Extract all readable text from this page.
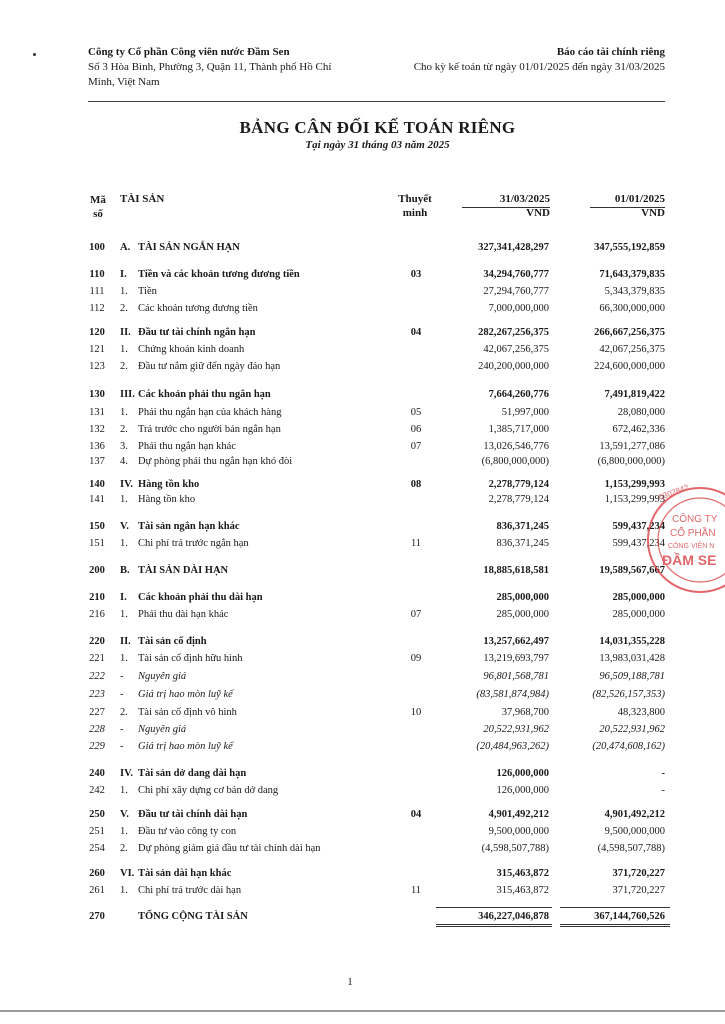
Công ty Cổ phần Công viên nước Đầm Sen
Số 3 Hòa Bình, Phường 3, Quận 11, Thành phố Hồ Chí
Minh, Việt Nam
Báo cáo tài chính riêng
Cho kỳ kế toán từ ngày 01/01/2025 đến ngày 31/03/2025
BẢNG CÂN ĐỐI KẾ TOÁN RIÊNG
Tại ngày 31 tháng 03 năm 2025
Mã
số
TÀI SẢN	Thuyết
minh
31/03/2025
VND
01/01/2025
VND
100	A. TÀI SẢN NGẮN HẠN	327,341,428,297	347,555,192,859
110	I. Tiền và các khoản tương đương tiền	03	34,294,760,777	71,643,379,835
111	1. Tiền	27,294,760,777	5,343,379,835
112	2. Các khoản tương đương tiền	7,000,000,000	66,300,000,000
120	II. Đầu tư tài chính ngắn hạn	04	282,267,256,375	266,667,256,375
121	1. Chứng khoán kinh doanh	42,067,256,375	42,067,256,375
123	2. Đầu tư nắm giữ đến ngày đáo hạn	240,200,000,000	224,600,000,000
130	III. Các khoản phải thu ngắn hạn	7,664,260,776	7,491,819,422
131	1. Phải thu ngắn hạn của khách hàng	05	51,997,000	28,080,000
132	2. Trả trước cho người bán ngắn hạn	06	1,385,717,000	672,462,336
136	3. Phải thu ngắn hạn khác	07	13,026,546,776	13,591,277,086
137	4. Dự phòng phải thu ngắn hạn khó đòi	(6,800,000,000)	(6,800,000,000)
140	IV. Hàng tồn kho	08	2,278,779,124	1,153,299,993
141	1. Hàng tồn kho	2,278,779,124	1,153,299,993
150	V. Tài sản ngắn hạn khác	836,371,245	599,437,234
151	1. Chi phí trả trước ngắn hạn	11	836,371,245	599,437,234
200	B. TÀI SẢN DÀI HẠN	18,885,618,581	19,589,567,667
210	I. Các khoản phải thu dài hạn	285,000,000	285,000,000
216	1. Phải thu dài hạn khác	07	285,000,000	285,000,000
220	II. Tài sản cố định	13,257,662,497	14,031,355,228
221	1. Tài sản cố định hữu hình	09	13,219,693,797	13,983,031,428
222	- Nguyên giá	96,801,568,781	96,509,188,781
223	- Giá trị hao mòn luỹ kế	(83,581,874,984)	(82,526,157,353)
227	2. Tài sản cố định vô hình	10	37,968,700	48,323,800
228	- Nguyên giá	20,522,931,962	20,522,931,962
229	- Giá trị hao mòn luỹ kế	(20,484,963,262)	(20,474,608,162)
240	IV. Tài sản dở dang dài hạn	126,000,000	-
242	1. Chi phí xây dựng cơ bản dở dang	126,000,000	-
250	V. Đầu tư tài chính dài hạn	04	4,901,492,212	4,901,492,212
251	1. Đầu tư vào công ty con	9,500,000,000	9,500,000,000
254	2. Dự phòng giảm giá đầu tư tài chính dài hạn	(4,598,507,788)	(4,598,507,788)
260	VI. Tài sản dài hạn khác	315,463,872	371,720,227
261	1. Chi phí trả trước dài hạn	11	315,463,872	371,720,227
270	TỔNG CỘNG TÀI SẢN	346,227,046,878	367,144,760,526
0302842
CÔNG TY
CỔ PHẦN
CÔNG VIÊN N
ĐẦM SE
1
